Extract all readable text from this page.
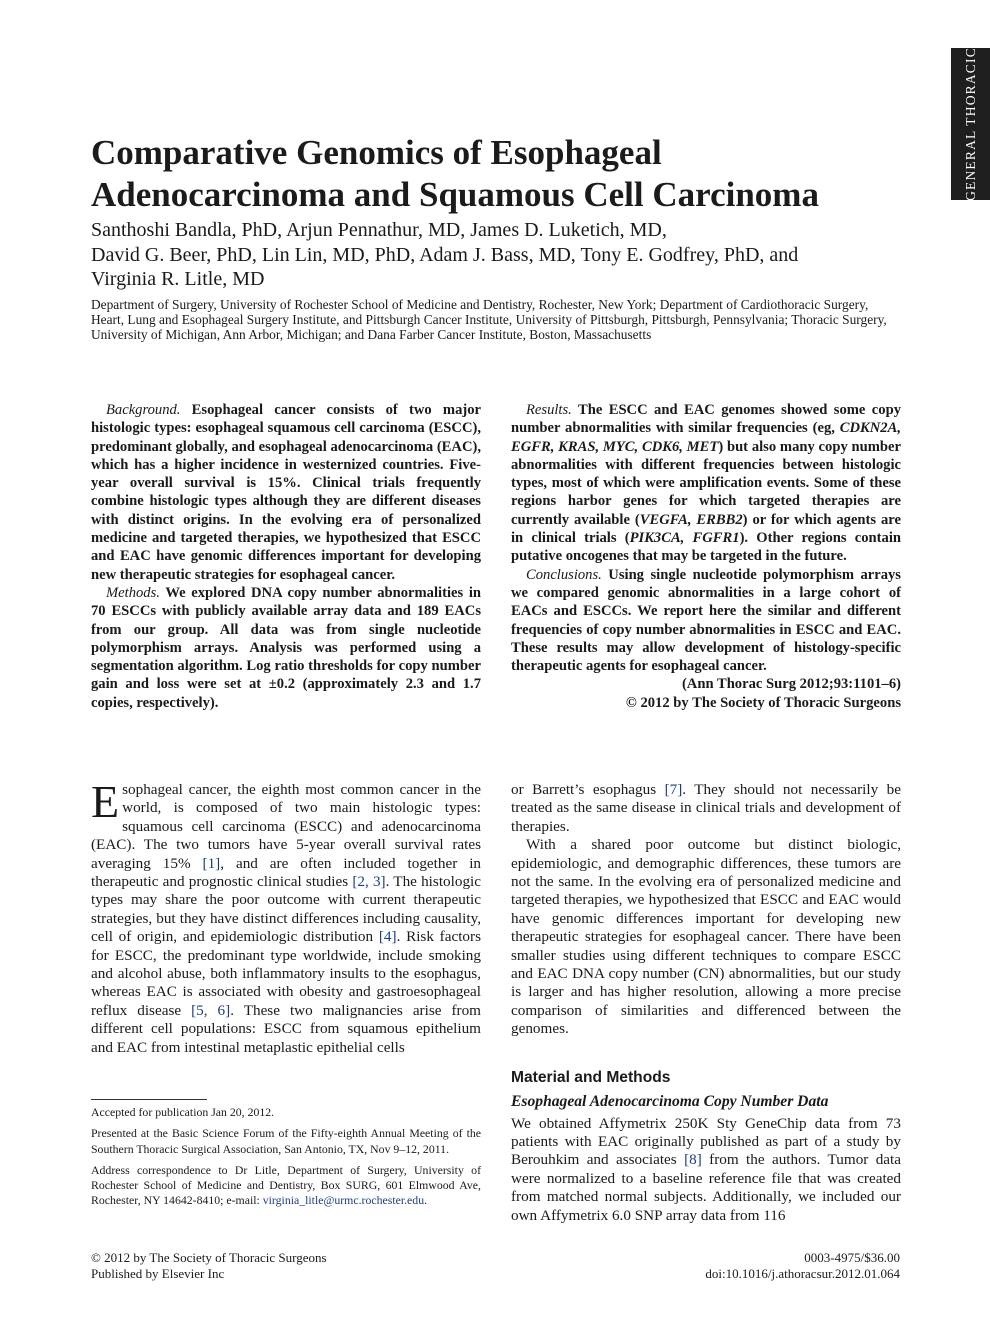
GENERAL THORACIC
Comparative Genomics of Esophageal Adenocarcinoma and Squamous Cell Carcinoma

Santhoshi Bandla, PhD, Arjun Pennathur, MD, James D. Luketich, MD,
David G. Beer, PhD, Lin Lin, MD, PhD, Adam J. Bass, MD, Tony E. Godfrey, PhD, and
Virginia R. Litle, MD

Department of Surgery, University of Rochester School of Medicine and Dentistry, Rochester, New York; Department of Cardiothoracic Surgery, Heart, Lung and Esophageal Surgery Institute, and Pittsburgh Cancer Institute, University of Pittsburgh, Pittsburgh, Pennsylvania; Thoracic Surgery, University of Michigan, Ann Arbor, Michigan; and Dana Farber Cancer Institute, Boston, Massachusetts

Background. Esophageal cancer consists of two major histologic types: esophageal squamous cell carcinoma (ESCC), predominant globally, and esophageal adenocarcinoma (EAC), which has a higher incidence in westernized countries. Five-year overall survival is 15%. Clinical trials frequently combine histologic types although they are different diseases with distinct origins. In the evolving era of personalized medicine and targeted therapies, we hypothesized that ESCC and EAC have genomic differences important for developing new therapeutic strategies for esophageal cancer.

Methods. We explored DNA copy number abnormalities in 70 ESCCs with publicly available array data and 189 EACs from our group. All data was from single nucleotide polymorphism arrays. Analysis was performed using a segmentation algorithm. Log ratio thresholds for copy number gain and loss were set at ±0.2 (approximately 2.3 and 1.7 copies, respectively).

Results. The ESCC and EAC genomes showed some copy number abnormalities with similar frequencies (eg, CDKN2A, EGFR, KRAS, MYC, CDK6, MET) but also many copy number abnormalities with different frequencies between histologic types, most of which were amplification events. Some of these regions harbor genes for which targeted therapies are currently available (VEGFA, ERBB2) or for which agents are in clinical trials (PIK3CA, FGFR1). Other regions contain putative oncogenes that may be targeted in the future.

Conclusions. Using single nucleotide polymorphism arrays we compared genomic abnormalities in a large cohort of EACs and ESCCs. We report here the similar and different frequencies of copy number abnormalities in ESCC and EAC. These results may allow development of histology-specific therapeutic agents for esophageal cancer.

(Ann Thorac Surg 2012;93:1101–6)

© 2012 by The Society of Thoracic Surgeons

Esophageal cancer, the eighth most common cancer in the world, is composed of two main histologic types: squamous cell carcinoma (ESCC) and adenocarcinoma (EAC). The two tumors have 5-year overall survival rates averaging 15% [1], and are often included together in therapeutic and prognostic clinical studies [2, 3]. The histologic types may share the poor outcome with current therapeutic strategies, but they have distinct differences including causality, cell of origin, and epidemiologic distribution [4]. Risk factors for ESCC, the predominant type worldwide, include smoking and alcohol abuse, both inflammatory insults to the esophagus, whereas EAC is associated with obesity and gastroesophageal reflux disease [5, 6]. These two malignancies arise from different cell populations: ESCC from squamous epithelium and EAC from intestinal metaplastic epithelial cells

Accepted for publication Jan 20, 2012.

Presented at the Basic Science Forum of the Fifty-eighth Annual Meeting of the Southern Thoracic Surgical Association, San Antonio, TX, Nov 9–12, 2011.

Address correspondence to Dr Litle, Department of Surgery, University of Rochester School of Medicine and Dentistry, Box SURG, 601 Elmwood Ave, Rochester, NY 14642-8410; e-mail: virginia_litle@urmc.rochester.edu.

or Barrett’s esophagus [7]. They should not necessarily be treated as the same disease in clinical trials and development of therapies.

With a shared poor outcome but distinct biologic, epidemiologic, and demographic differences, these tumors are not the same. In the evolving era of personalized medicine and targeted therapies, we hypothesized that ESCC and EAC would have genomic differences important for developing new therapeutic strategies for esophageal cancer. There have been smaller studies using different techniques to compare ESCC and EAC DNA copy number (CN) abnormalities, but our study is larger and has higher resolution, allowing a more precise comparison of similarities and differenced between the genomes.

Material and Methods
Esophageal Adenocarcinoma Copy Number Data

We obtained Affymetrix 250K Sty GeneChip data from 73 patients with EAC originally published as part of a study by Berouhkim and associates [8] from the authors. Tumor data were normalized to a baseline reference file that was created from matched normal subjects. Additionally, we included our own Affymetrix 6.0 SNP array data from 116

© 2012 by The Society of Thoracic Surgeons
Published by Elsevier Inc
0003-4975/$36.00
doi:10.1016/j.athoracsur.2012.01.064
